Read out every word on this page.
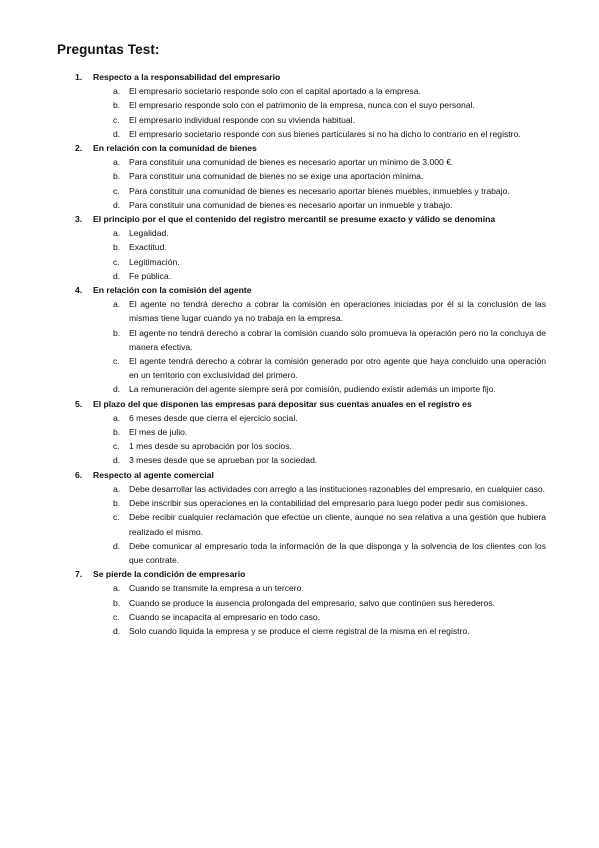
Preguntas Test:
1. Respecto a la responsabilidad del empresario
a. El empresario societario responde solo con el capital aportado a la empresa.
b. El empresario responde solo con el patrimonio de la empresa, nunca con el suyo personal.
c. El empresario individual responde con su vivienda habitual.
d. El empresario societario responde con sus bienes particulares si no ha dicho lo contrario en el registro.
2. En relación con la comunidad de bienes
a. Para constituir una comunidad de bienes es necesario aportar un mínimo de 3.000 €.
b. Para constituir una comunidad de bienes no se exige una aportación mínima.
c. Para constituir una comunidad de bienes es necesario aportar bienes muebles, inmuebles y trabajo.
d. Para constituir una comunidad de bienes es necesario aportar un inmueble y trabajo.
3. El principio por el que el contenido del registro mercantil se presume exacto y válido se denomina
a. Legalidad.
b. Exactitud.
c. Legitimación.
d. Fe pública.
4. En relación con la comisión del agente
a. El agente no tendrá derecho a cobrar la comisión en operaciones iniciadas por él si la conclusión de las mismas tiene lugar cuando ya no trabaja en la empresa.
b. El agente no tendrá derecho a cobrar la comisión cuando solo promueva la operación pero no la concluya de manera efectiva.
c. El agente tendrá derecho a cobrar la comisión generado por otro agente que haya concluido una operación en un territorio con exclusividad del primero.
d. La remuneración del agente siempre será por comisión, pudiendo existir además un importe fijo.
5. El plazo del que disponen las empresas para depositar sus cuentas anuales en el registro es
a. 6 meses desde que cierra el ejercicio social.
b. El mes de julio.
c. 1 mes desde su aprobación por los socios.
d. 3 meses desde que se aprueban por la sociedad.
6. Respecto al agente comercial
a. Debe desarrollar las actividades con arreglo a las instituciones razonables del empresario, en cualquier caso.
b. Debe inscribir sus operaciones en la contabilidad del empresario para luego poder pedir sus comisiones.
c. Debe recibir cualquier reclamación que efectúe un cliente, aunque no sea relativa a una gestión que hubiera realizado el mismo.
d. Debe comunicar al empresario toda la información de la que disponga y la solvencia de los clientes con los que contrate.
7. Se pierde la condición de empresario
a. Cuando se transmite la empresa a un tercero.
b. Cuando se produce la ausencia prolongada del empresario, salvo que continúen sus herederos.
c. Cuando se incapacita al empresario en todo caso.
d. Solo cuando liquida la empresa y se produce el cierre registral de la misma en el registro.
